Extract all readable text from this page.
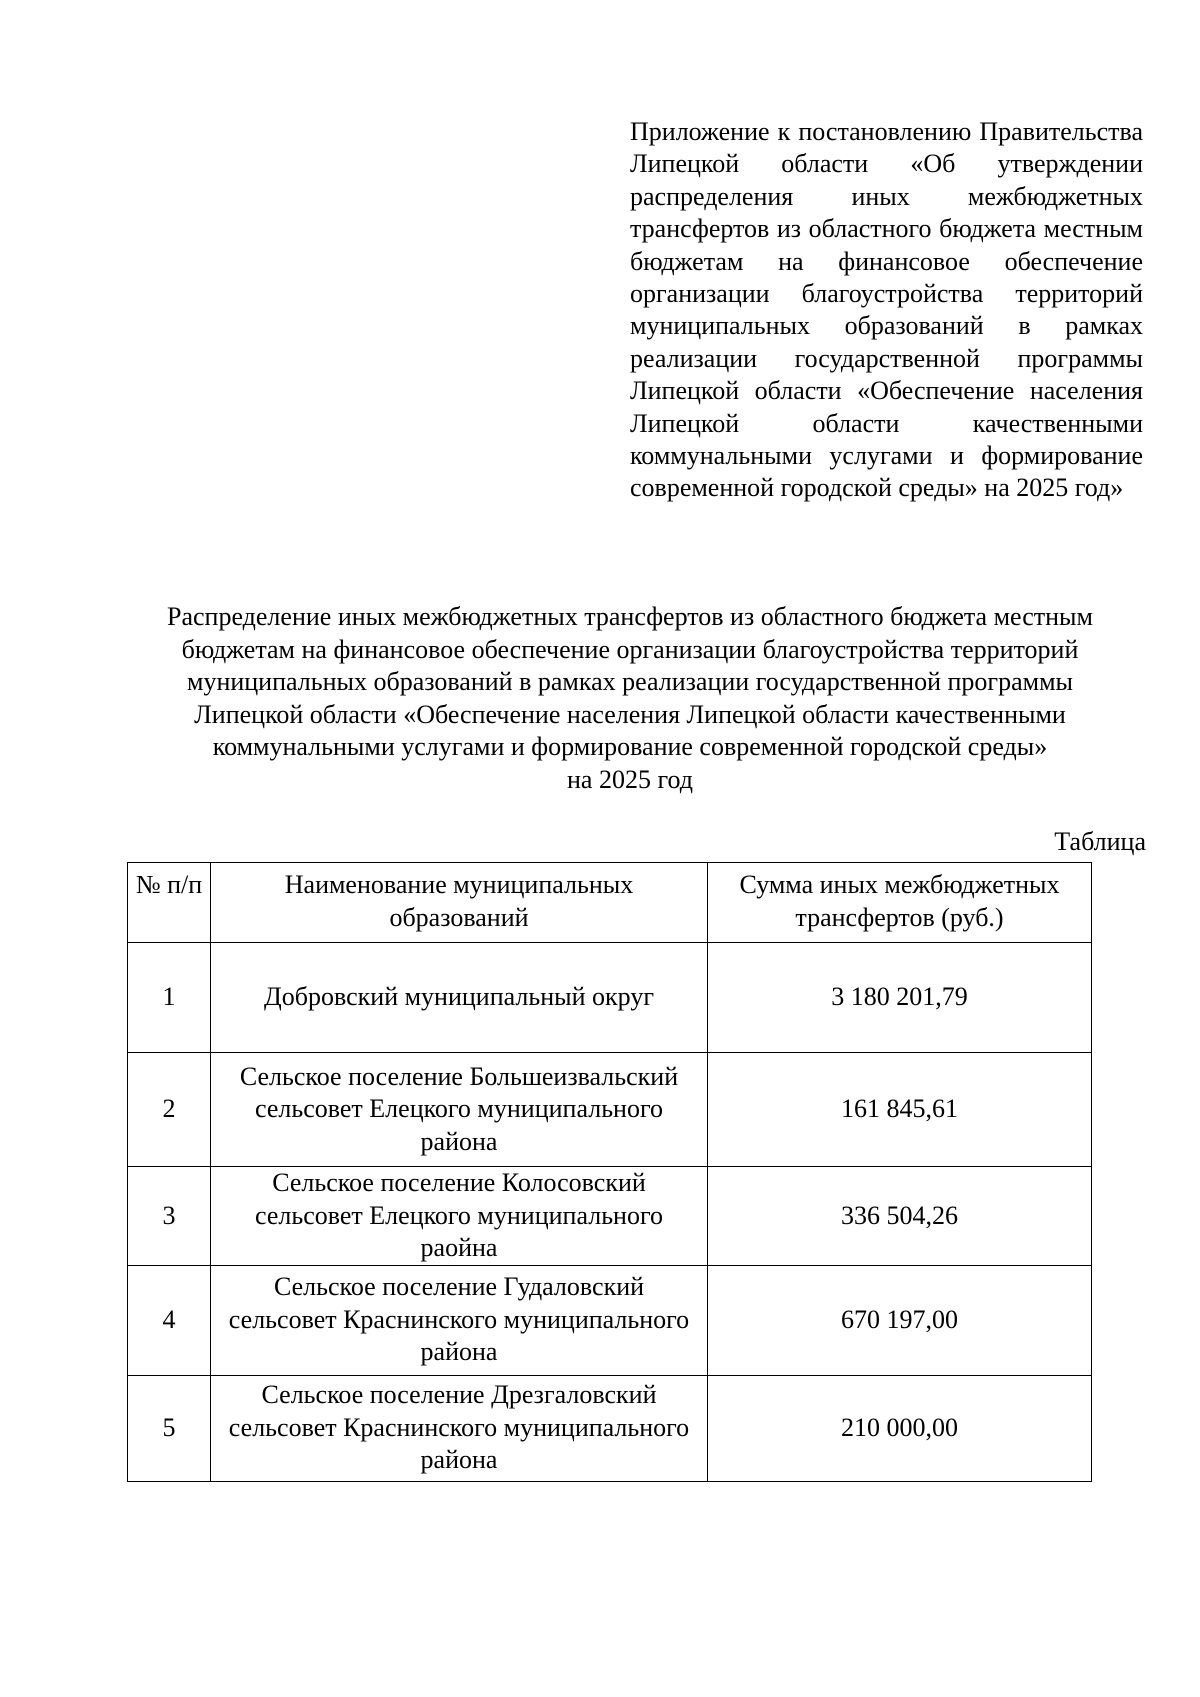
Приложение к постановлению Правительства Липецкой области «Об утверждении распределения иных межбюджетных трансфертов из областного бюджета местным бюджетам на финансовое обеспечение организации благоустройства территорий муниципальных образований в рамках реализации государственной программы Липецкой области «Обеспечение населения Липецкой области качественными коммунальными услугами и формирование современной городской среды» на 2025 год»
Распределение иных межбюджетных трансфертов из областного бюджета местным
бюджетам на финансовое обеспечение организации благоустройства территорий
муниципальных образований в рамках реализации государственной программы
Липецкой области «Обеспечение населения Липецкой области качественными
коммунальными услугами и формирование современной городской среды»
на 2025 год
Таблица
№ п/п	Наименование муниципальных образований	Сумма иных межбюджетных трансфертов (руб.)
1	Добровский муниципальный округ	3 180 201,79
2	Сельское поселение Большеизвальский сельсовет Елецкого муниципального района	161 845,61
3	Сельское поселение Колосовский сельсовет Елецкого муниципального раойна	336 504,26
4	Сельское поселение Гудаловский сельсовет Краснинского муниципального района	670 197,00
5	Сельское поселение Дрезгаловский сельсовет Краснинского муниципального района	210 000,00
